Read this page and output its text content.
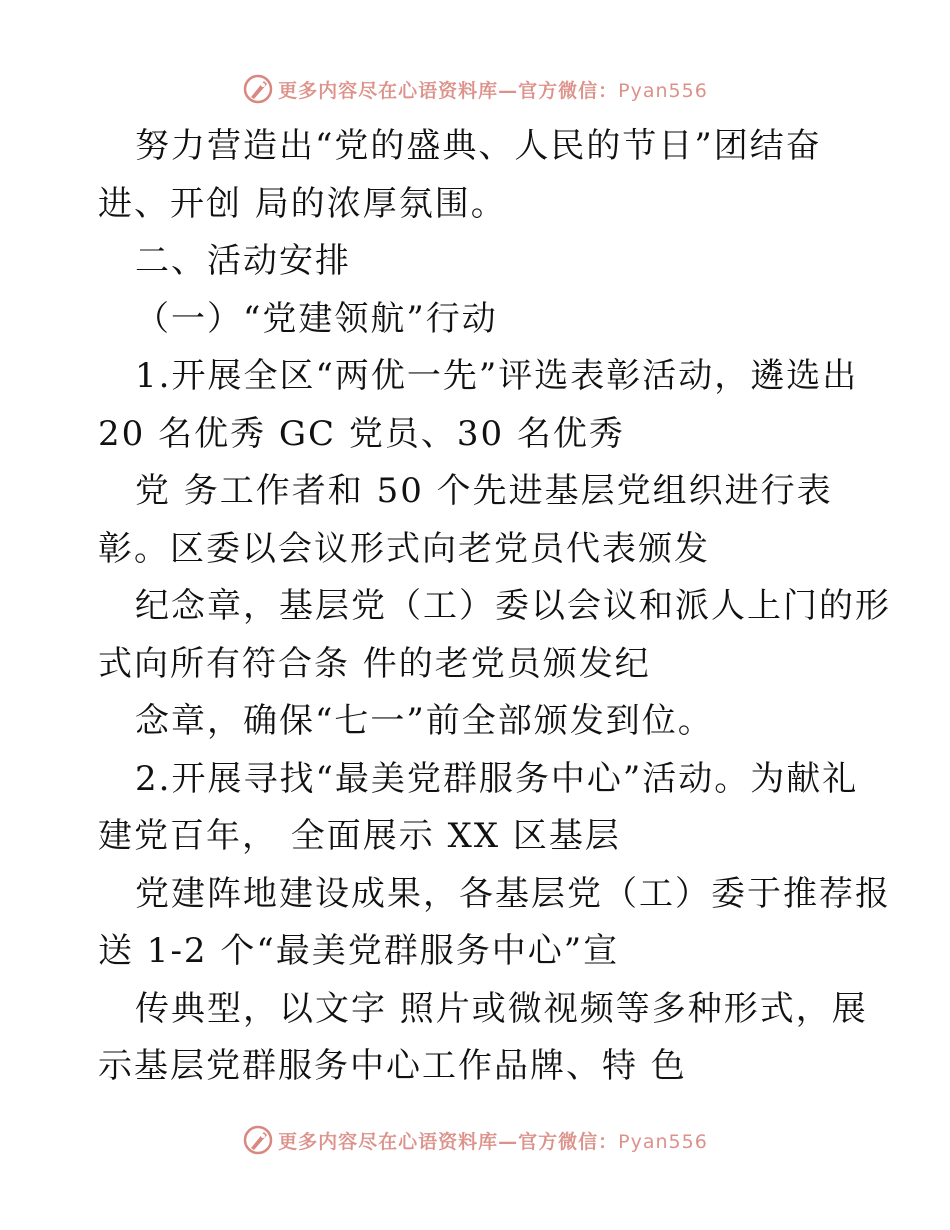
更多内容尽在心语资料库—官方微信：Pyan556
努力营造出“党的盛典、人民的节日”团结奋
进、开创 局的浓厚氛围。
二、活动安排
（一）“党建领航”行动
1.开展全区“两优一先”评选表彰活动，遴选出
20 名优秀 GC 党员、30 名优秀
党 务工作者和 50 个先进基层党组织进行表
彰。区委以会议形式向老党员代表颁发
纪念章，基层党（工）委以会议和派人上门的形
式向所有符合条 件的老党员颁发纪
念章，确保“七一”前全部颁发到位。
2.开展寻找“最美党群服务中心”活动。为献礼
建党百年， 全面展示 XX 区基层
党建阵地建设成果，各基层党（工）委于推荐报
送 1-2 个“最美党群服务中心”宣
传典型，以文字 照片或微视频等多种形式，展
示基层党群服务中心工作品牌、特 色
更多内容尽在心语资料库—官方微信：Pyan556
